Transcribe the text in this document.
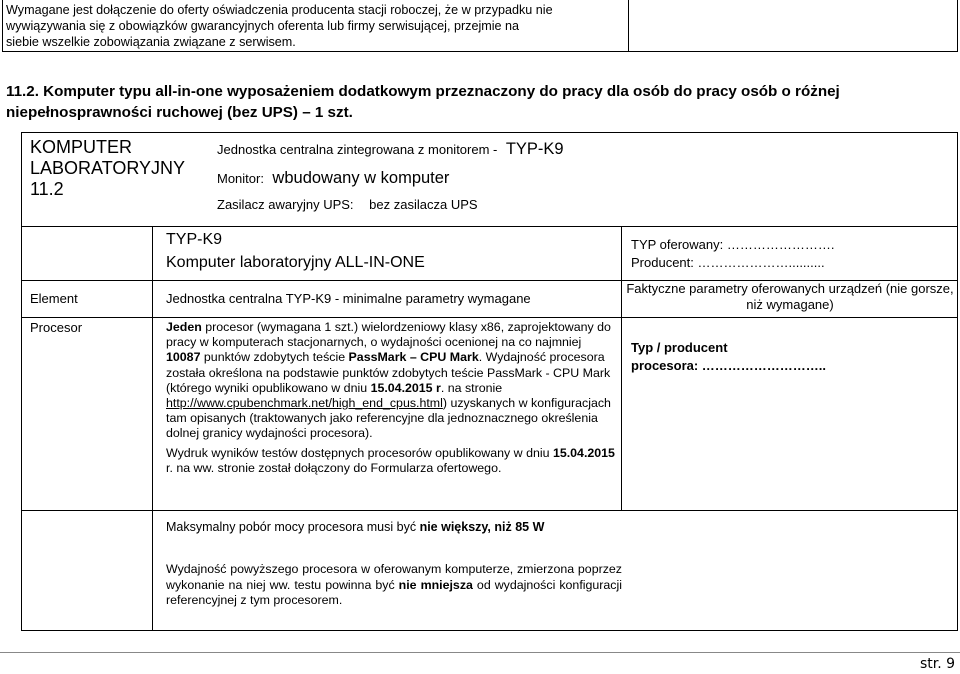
Wymagane jest dołączenie do oferty oświadczenia producenta stacji roboczej, że w przypadku nie
wywiązywania się z obowiązków gwarancyjnych oferenta lub firmy serwisującej, przejmie na
siebie wszelkie zobowiązania związane z serwisem.
11.2. Komputer typu all-in-one wyposażeniem dodatkowym przeznaczony do pracy dla osób do pracy osób o różnej
niepełnosprawności ruchowej (bez UPS) – 1 szt.
KOMPUTER LABORATORYJNY
11.2
Jednostka centralna zintegrowana z monitorem - TYP-K9
Monitor: wbudowany w komputer
Zasilacz awaryjny UPS: bez zasilacza UPS
TYP-K9
Komputer laboratoryjny ALL-IN-ONE
TYP oferowany: …………………….
Producent: …………………..........
Element	Jednostka centralna TYP-K9 - minimalne parametry wymagane
Faktyczne parametry oferowanych urządzeń (nie gorsze, niż wymagane)
Procesor	Jeden procesor (wymagana 1 szt.) wielordzeniowy klasy x86, zaprojektowany do pracy w komputerach stacjonarnych, o wydajności ocenionej na co najmniej 10087 punktów zdobytych teście PassMark – CPU Mark. Wydajność procesora została określona na podstawie punktów zdobytych teście PassMark - CPU Mark (którego wyniki opublikowano w dniu 15.04.2015 r. na stronie http://www.cpubenchmark.net/high_end_cpus.html) uzyskanych w konfiguracjach tam opisanych (traktowanych jako referencyjne dla jednoznacznego określenia dolnej granicy wydajności procesora).

Wydruk wyników testów dostępnych procesorów opublikowany w dniu 15.04.2015 r. na ww. stronie został dołączony do Formularza ofertowego.

Typ / producent
procesora: ………………………..
Maksymalny pobór mocy procesora musi być nie większy, niż 85 W
Wydajność powyższego procesora w oferowanym komputerze, zmierzona poprzez wykonanie na niej ww. testu powinna być nie mniejsza od wydajności konfiguracji referencyjnej z tym procesorem.
str. 9
